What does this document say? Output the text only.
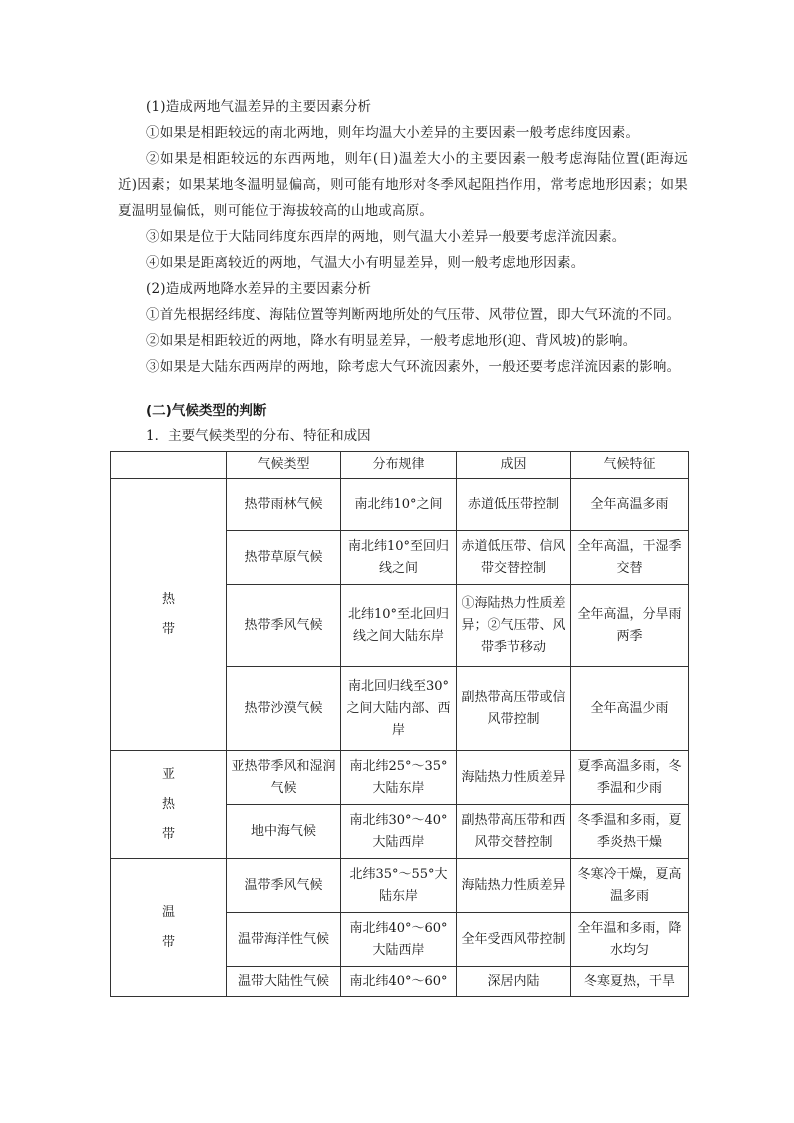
(1)造成两地气温差异的主要因素分析

①如果是相距较远的南北两地，则年均温大小差异的主要因素一般考虑纬度因素。

②如果是相距较远的东西两地，则年(日)温差大小的主要因素一般考虑海陆位置(距海远近)因素；如果某地冬温明显偏高，则可能有地形对冬季风起阻挡作用，常考虑地形因素；如果夏温明显偏低，则可能位于海拔较高的山地或高原。

③如果是位于大陆同纬度东西岸的两地，则气温大小差异一般要考虑洋流因素。

④如果是距离较近的两地，气温大小有明显差异，则一般考虑地形因素。

(2)造成两地降水差异的主要因素分析

①首先根据经纬度、海陆位置等判断两地所处的气压带、风带位置，即大气环流的不同。

②如果是相距较近的两地，降水有明显差异，一般考虑地形(迎、背风坡)的影响。

③如果是大陆东西两岸的两地，除考虑大气环流因素外，一般还要考虑洋流因素的影响。

(二)气候类型的判断
1．主要气候类型的分布、特征和成因
	气候类型	分布规律	成因	气候特征

热
带	热带雨林气候	南北纬10°之间	赤道低压带控制	全年高温多雨
	热带草原气候	南北纬10°至回归线之间	赤道低压带、信风带交替控制	全年高温，干湿季交替
	热带季风气候	北纬10°至北回归线之间大陆东岸	①海陆热力性质差异；②气压带、风带季节移动	全年高温，分旱雨两季
	热带沙漠气候	南北回归线至30°之间大陆内部、西岸	副热带高压带或信风带控制	全年高温少雨

亚
热
带	亚热带季风和湿润气候	南北纬25°～35°大陆东岸	海陆热力性质差异	夏季高温多雨，冬季温和少雨
	地中海气候	南北纬30°～40°大陆西岸	副热带高压带和西风带交替控制	冬季温和多雨，夏季炎热干燥

温
带	温带季风气候	北纬35°～55°大陆东岸	海陆热力性质差异	冬寒冷干燥，夏高温多雨
	温带海洋性气候	南北纬40°～60°大陆西岸	全年受西风带控制	全年温和多雨，降水均匀
	温带大陆性气候	南北纬40°～60°	深居内陆	冬寒夏热，干旱
